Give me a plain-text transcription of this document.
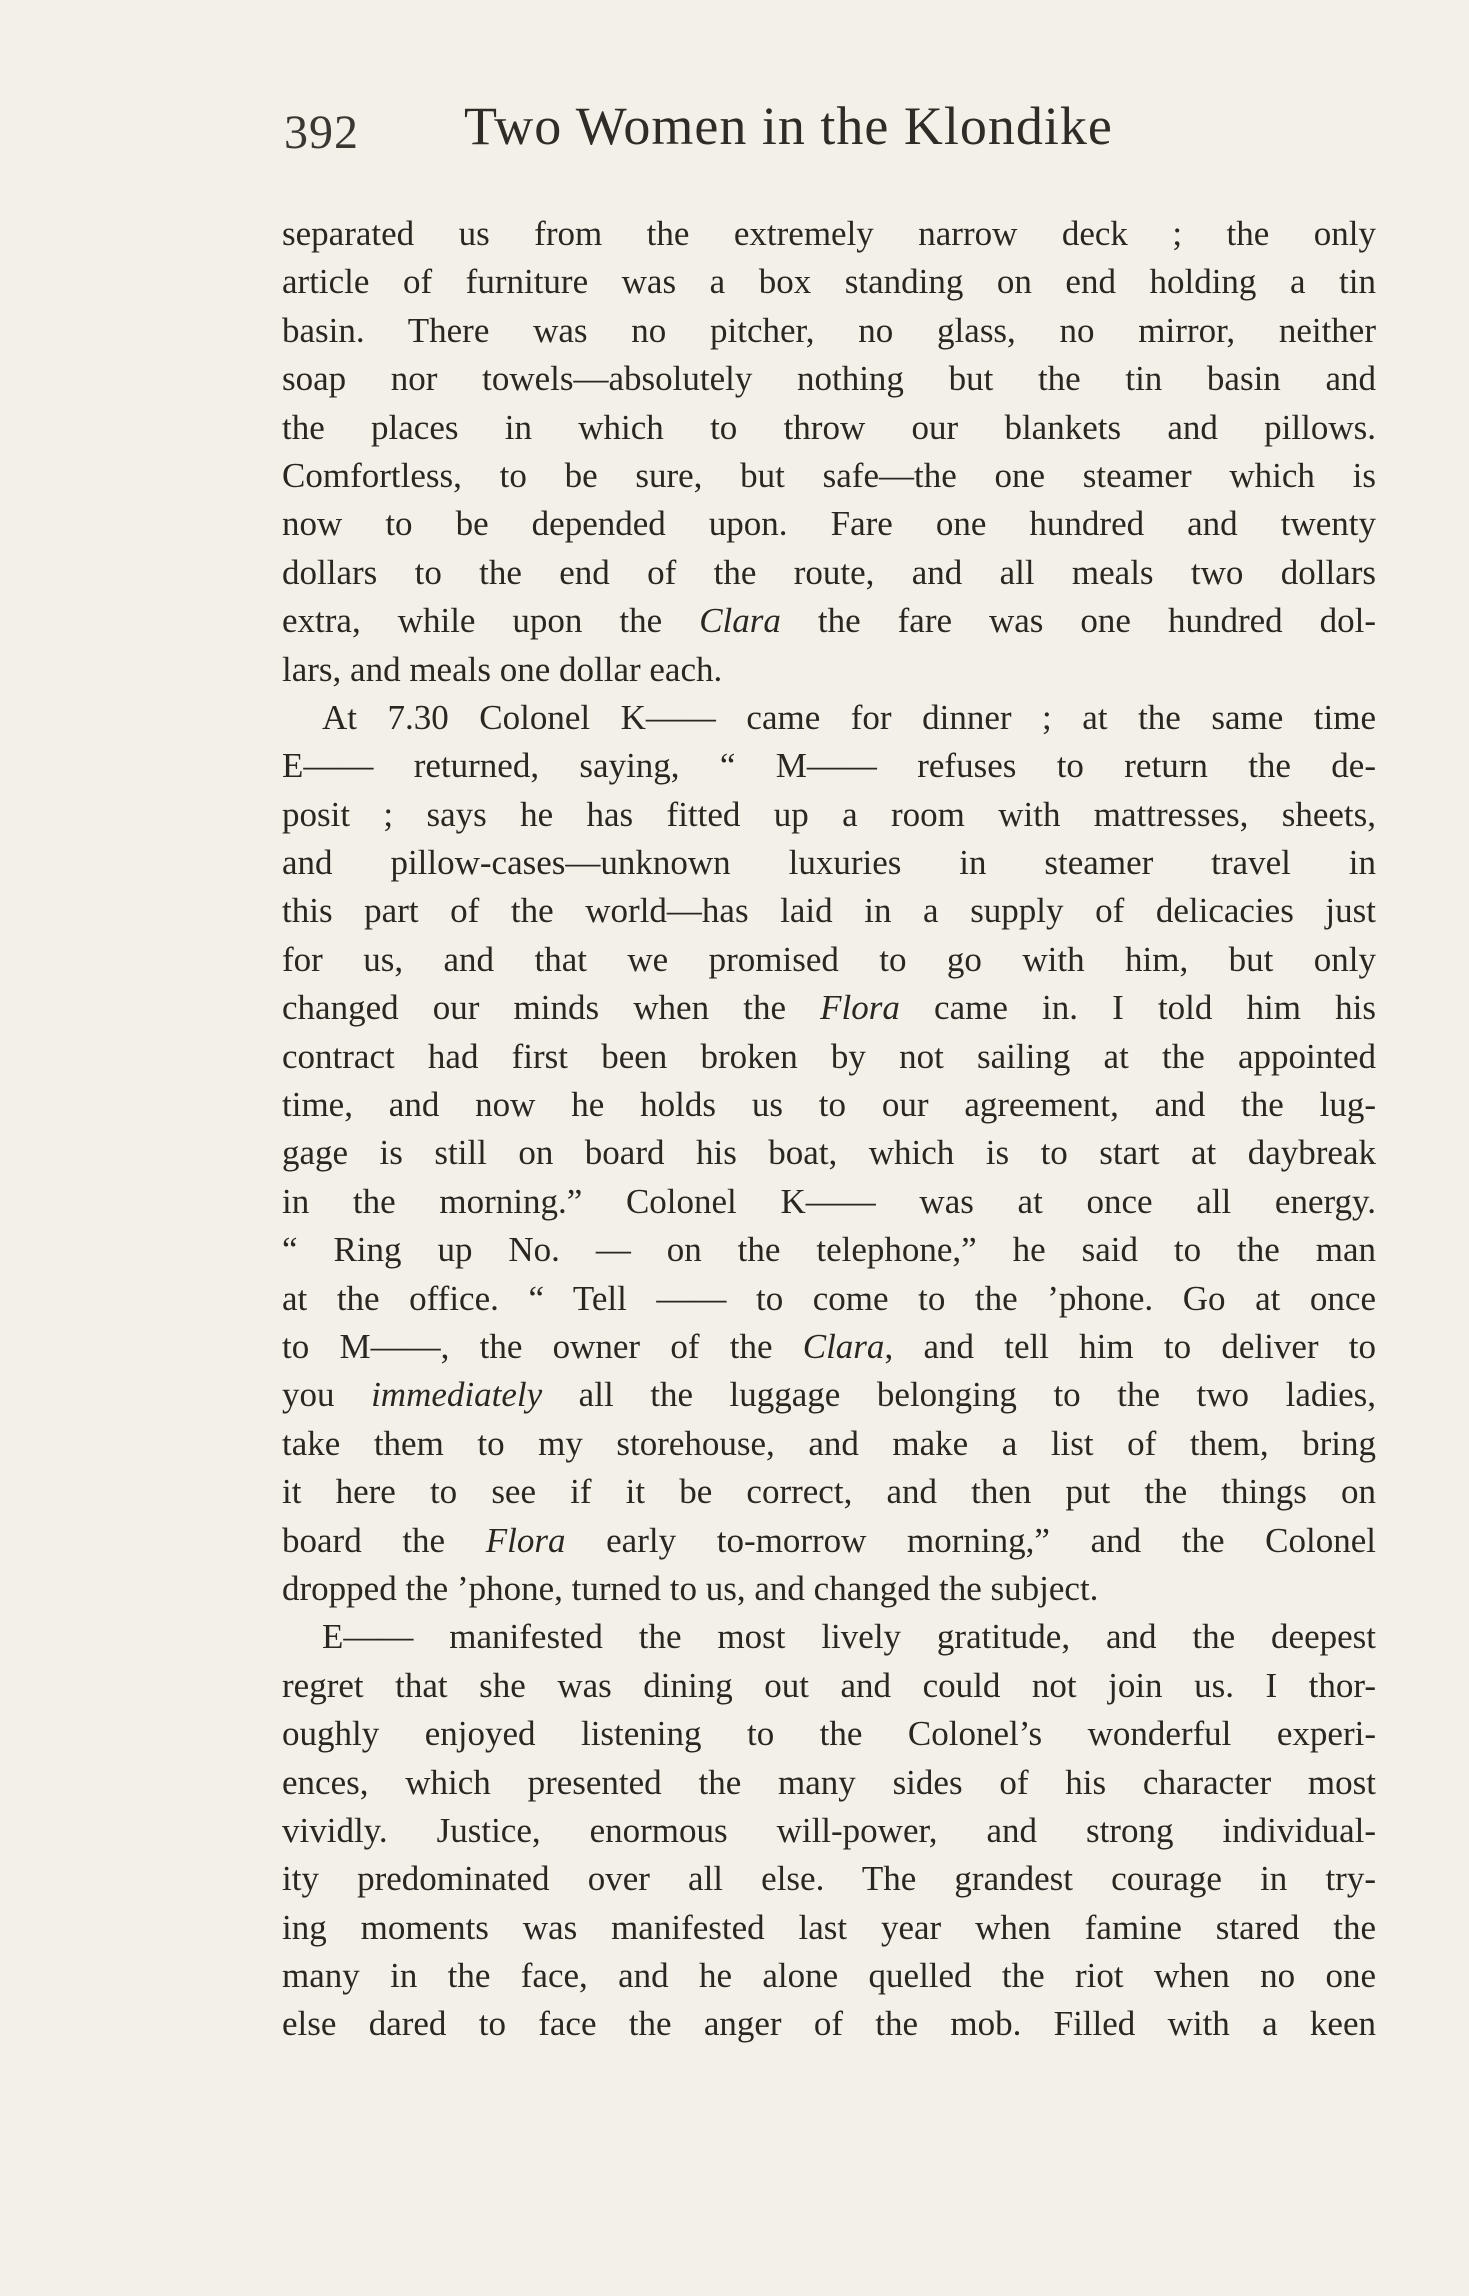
392 Two Women in the Klondike
separated us from the extremely narrow deck ; the only
article of furniture was a box standing on end holding a tin
basin. There was no pitcher, no glass, no mirror, neither
soap nor towels—absolutely nothing but the tin basin and
the places in which to throw our blankets and pillows.
Comfortless, to be sure, but safe—the one steamer which is
now to be depended upon. Fare one hundred and twenty
dollars to the end of the route, and all meals two dollars
extra, while upon the Clara the fare was one hundred dol-
lars, and meals one dollar each.
At 7.30 Colonel K—— came for dinner ; at the same time
E—— returned, saying, “ M—— refuses to return the de-
posit ; says he has fitted up a room with mattresses, sheets,
and pillow-cases—unknown luxuries in steamer travel in
this part of the world—has laid in a supply of delicacies just
for us, and that we promised to go with him, but only
changed our minds when the Flora came in. I told him his
contract had first been broken by not sailing at the appointed
time, and now he holds us to our agreement, and the lug-
gage is still on board his boat, which is to start at daybreak
in the morning.” Colonel K—— was at once all energy.
“ Ring up No. — on the telephone,” he said to the man
at the office. “ Tell —— to come to the ’phone. Go at once
to M——, the owner of the Clara, and tell him to deliver to
you immediately all the luggage belonging to the two ladies,
take them to my storehouse, and make a list of them, bring
it here to see if it be correct, and then put the things on
board the Flora early to-morrow morning,” and the Colonel
dropped the ’phone, turned to us, and changed the subject.
E—— manifested the most lively gratitude, and the deepest
regret that she was dining out and could not join us. I thor-
oughly enjoyed listening to the Colonel’s wonderful experi-
ences, which presented the many sides of his character most
vividly. Justice, enormous will-power, and strong individual-
ity predominated over all else. The grandest courage in try-
ing moments was manifested last year when famine stared the
many in the face, and he alone quelled the riot when no one
else dared to face the anger of the mob. Filled with a keen
